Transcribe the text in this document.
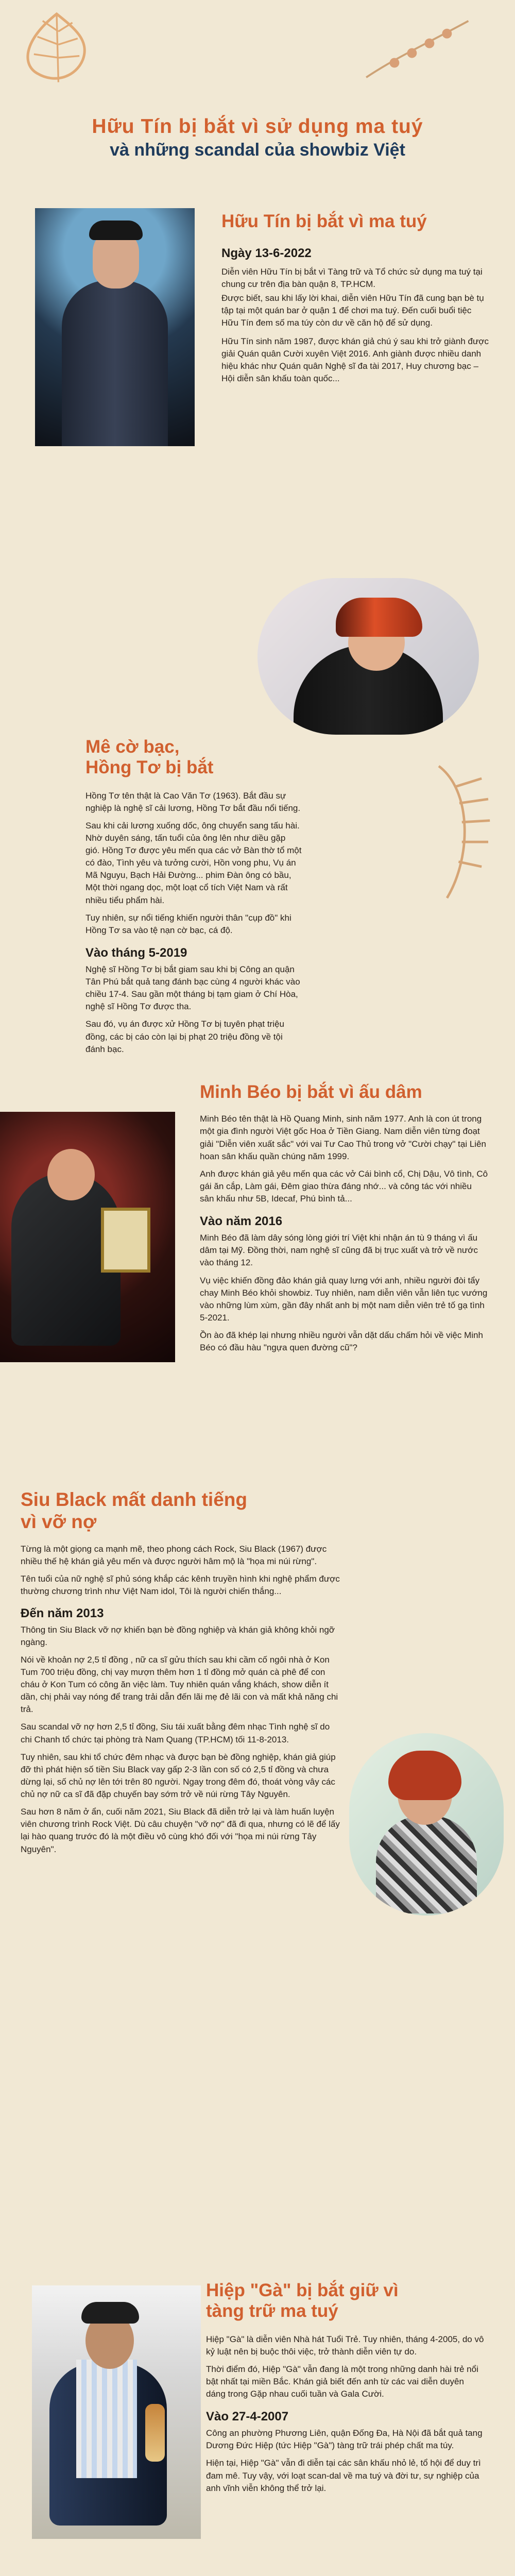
Hữu Tín bị bắt vì sử dụng ma tuý
và những scandal của showbiz Việt
Hữu Tín bị bắt vì ma tuý
Ngày 13-6-2022
Diễn viên Hữu Tín bị bắt vì Tàng trữ và Tổ chức sử dụng ma tuý tại chung cư trên địa bàn quận 8, TP.HCM.
Được biết, sau khi lấy lời khai, diễn viên Hữu Tín đã cung bạn bè tụ tập tại một quán bar ở quận 1 để chơi ma tuý. Đến cuối buổi tiệc Hữu Tín đem số ma túy còn dư về căn hộ để sử dụng.
Hữu Tín sinh năm 1987, được khán giả chú ý sau khi trở giành được giải Quán quân Cười xuyên Việt 2016. Anh giành được nhiều danh hiệu khác như Quán quân Nghệ sĩ đa tài 2017, Huy chương bạc – Hội diễn sân khấu toàn quốc...
Mê cờ bạc,
Hồng Tơ bị bắt
Hồng Tơ tên thật là Cao Văn Tơ (1963). Bắt đầu sự nghiệp là nghệ sĩ cải lương, Hồng Tơ bắt đầu nổi tiếng.
Sau khi cải lương xuống dốc, ông chuyển sang tấu hài. Nhờ duyên sáng, tấn tuổi của ông lên như diều gặp gió. Hồng Tơ được yêu mến qua các vở Bàn thờ tổ một có đào, Tình yêu và tưởng cười, Hồn vong phu, Vụ án Mã Nguyu, Bạch Hải Đường... phim Đàn ông có bầu, Một thời ngang dọc, một loạt cổ tích Việt Nam và rất nhiều tiểu phẩm hài.
Tuy nhiên, sự nổi tiếng khiến người thân "cụp đồ" khi Hồng Tơ sa vào tệ nạn cờ bạc, cá độ.
Vào tháng 5-2019
Nghệ sĩ Hồng Tơ bị bắt giam sau khi bị Công an quận Tân Phú bắt quả tang đánh bạc cùng 4 người khác vào chiều 17-4. Sau gần một tháng bị tạm giam ở Chí Hòa, nghệ sĩ Hồng Tơ được tha.
Sau đó, vụ án được xử Hồng Tơ bị tuyên phạt triệu đồng, các bị cáo còn lại bị phạt 20 triệu đồng về tội đánh bạc.
Minh Béo bị bắt vì ấu dâm
Minh Béo tên thật là Hồ Quang Minh, sinh năm 1977. Anh là con út trong một gia đình người Việt gốc Hoa ở Tiền Giang. Nam diễn viên từng đoạt giải "Diễn viên xuất sắc" với vai Tư Cao Thủ trong vở "Cười chạy" tại Liên hoan sân khấu quần chúng năm 1999.
Anh được khán giả yêu mến qua các vở Cái bình cổ, Chị Dậu, Vô tình, Cô gái ăn cắp, Làm gái, Đêm giao thừa đáng nhớ... và công tác với nhiều sân khấu như 5B, Idecaf, Phú bình tả...
Vào năm 2016
Minh Béo đã làm dây sóng lòng giới trí Việt khi nhận án tù 9 tháng vì ấu dâm tại Mỹ. Đồng thời, nam nghệ sĩ cũng đã bị trục xuất và trở về nước vào tháng 12.
Vụ việc khiến đồng đảo khán giả quay lưng với anh, nhiều người đòi tẩy chay Minh Béo khỏi showbiz. Tuy nhiên, nam diễn viên vẫn liên tục vướng vào những lùm xùm, gần đây nhất anh bị một nam diễn viên trẻ tố gạ tình 5-2021.
Ồn ào đã khép lại nhưng nhiều người vẫn dặt dấu chấm hỏi về việc Minh Béo có đầu hàu "ngựa quen đường cũ"?
Siu Black mất danh tiếng
vì vỡ nợ
Từng là một giọng ca mạnh mẽ, theo phong cách Rock, Siu Black (1967) được nhiều thế hệ khán giả yêu mến và được người hâm mộ là "họa mi núi rừng".
Tên tuổi của nữ nghệ sĩ phủ sóng khắp các kênh truyền hình khi nghệ phẩm được thường chương trình như Việt Nam idol, Tôi là người chiến thắng...
Đến năm 2013
Thông tin Siu Black vỡ nợ khiến bạn bè đồng nghiệp và khán giả không khỏi ngỡ ngàng.
Nói về khoản nợ 2,5 tỉ đồng , nữ ca sĩ gửu thích sau khi cầm cố ngôi nhà ở Kon Tum 700 triệu đồng, chị vay mượn thêm hơn 1 tỉ đồng mở quán cà phê để con cháu ở Kon Tum có công ăn việc làm. Tuy nhiên quán vắng khách, show diễn ít dần, chị phải vay nóng để trang trải dẫn đến lãi mẹ đẻ lãi con và mất khả năng chi trả.
Sau scandal vỡ nợ hơn 2,5 tỉ đồng, Siu tái xuất bằng đêm nhạc Tình nghệ sĩ do chi Chanh tổ chức tại phòng trà Nam Quang (TP.HCM) tối 11-8-2013.
Tuy nhiên, sau khi tổ chức đêm nhạc và được bạn bè đồng nghiệp, khán giả giúp đỡ thì phát hiện số tiền Siu Black vay gấp 2-3 lần con số có 2,5 tỉ đồng và chưa dừng lại, số chủ nợ lên tới trên 80 người. Ngay trong đêm đó, thoát vòng vây các chủ nợ nữ ca sĩ đã đặp chuyến bay sớm trở về núi rừng Tây Nguyên.
Sau hơn 8 năm ở ẩn, cuối năm 2021, Siu Black đã diễn trở lại và làm huấn luyện viên chương trình Rock Việt. Dù câu chuyện "vỡ nợ" đã đi qua, nhưng có lẽ để lấy lại hào quang trước đó là một điều vô cùng khó đối với "họa mi núi rừng Tây Nguyên".
Hiệp "Gà" bị bắt giữ vì
tàng trữ ma tuý
Hiệp "Gà" là diễn viên Nhà hát Tuổi Trẻ. Tuy nhiên, tháng 4-2005, do vô kỷ luật nên bị buộc thôi việc, trở thành diễn viên tự do.
Thời điểm đó, Hiệp "Gà" vẫn đang là một trong những danh hài trẻ nổi bật nhất tại miền Bắc. Khán giả biết đến anh từ các vai diễn duyên dáng trong Gặp nhau cuối tuần và Gala Cười.
Vào 27-4-2007
Công an phường Phương Liên, quận Đống Đa, Hà Nội đã bắt quả tang Dương Đức Hiệp (tức Hiệp "Gà") tàng trữ trái phép chất ma túy.
Hiện tại, Hiệp "Gà" vẫn đi diễn tại các sân khấu nhỏ lẻ, tổ hội để duy trì đam mê. Tuy vậy, với loạt scan-dal về ma tuý và đời tư, sự nghiệp của anh vĩnh viễn không thể trở lại.
